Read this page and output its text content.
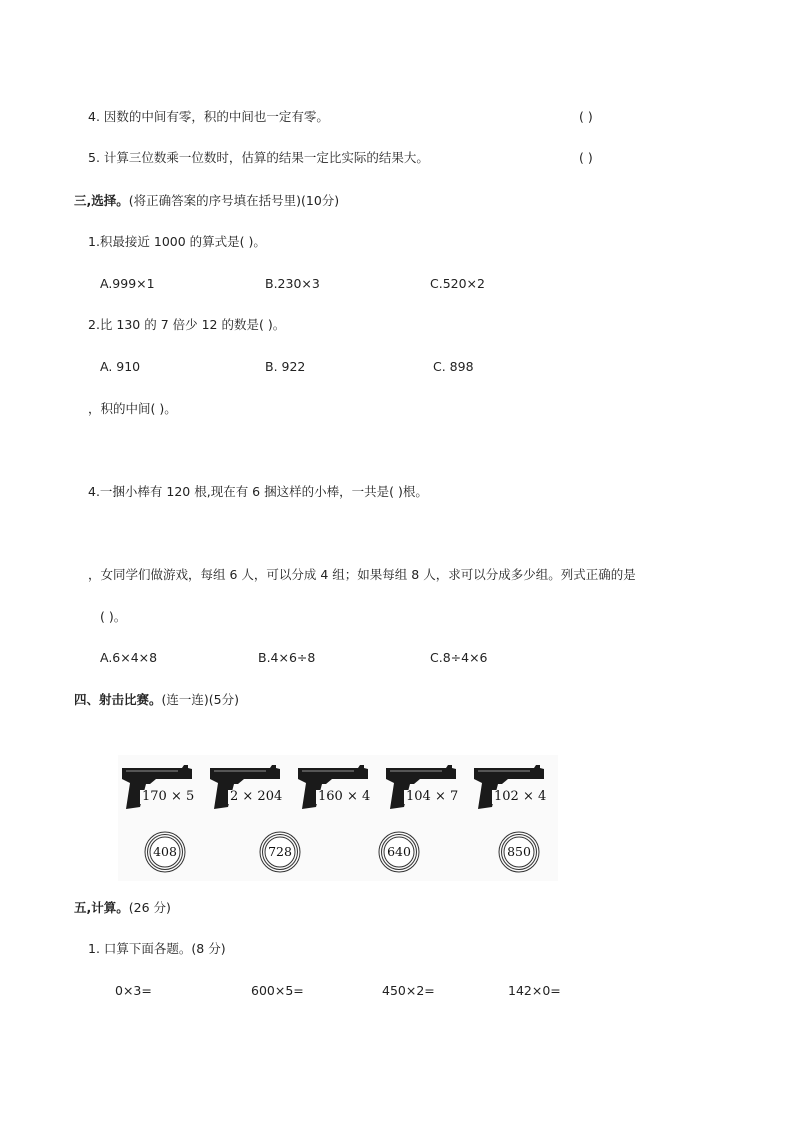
4. 因数的中间有零，积的中间也一定有零。	( )
5. 计算三位数乘一位数时，估算的结果一定比实际的结果大。	( )
三,选择。(将正确答案的序号填在括号里)(10分)
1.积最接近 1000 的算式是( )。
A.999×1	B.230×3	C.520×2
2.比 130 的 7 倍少 12 的数是( )。
A. 910	B. 922	C. 898
，积的中间( )。
4.一捆小棒有 120 根,现在有 6 捆这样的小棒，一共是( )根。
，女同学们做游戏，每组 6 人，可以分成 4 组；如果每组 8 人，求可以分成多少组。列式正确的是
( )。
A.6×4×8	B.4×6÷8	C.8÷4×6
四、射击比赛。(连一连)(5分)
170 × 5	2 × 204	160 × 4	104 × 7	102 × 4
408	728	640	850
五,计算。(26 分)
1. 口算下面各题。(8 分)
0×3=	600×5=	450×2=	142×0=
